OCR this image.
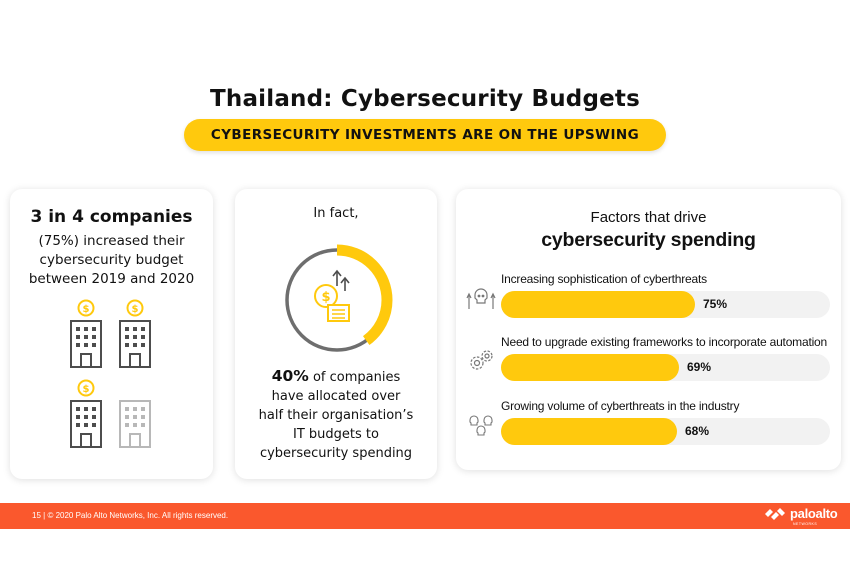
Thailand: Cybersecurity Budgets
CYBERSECURITY INVESTMENTS ARE ON THE UPSWING
3 in 4 companies
(75%) increased their
cybersecurity budget
between 2019 and 2020
$	$
$
In fact,
$
40% of companies
have allocated over
half their organisation’s
IT budgets to
cybersecurity spending
Factors that drive
cybersecurity spending
Increasing sophistication of cyberthreats
75%
Need to upgrade existing frameworks to incorporate automation
69%
Growing volume of cyberthreats in the industry
68%
15 | © 2020 Palo Alto Networks, Inc. All rights reserved.	paloalto
NETWORKS
